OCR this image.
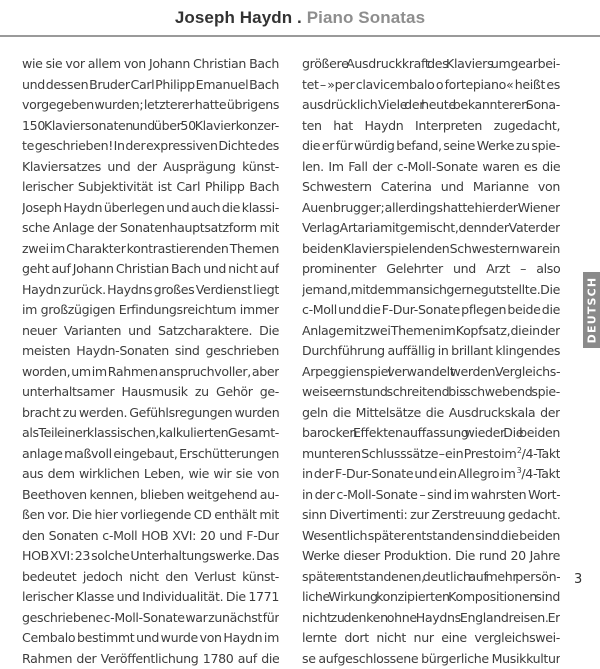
Joseph Haydn . Piano Sonatas
wie sie vor allem von Johann Christian Bach
und dessen Bruder Carl Philipp Emanuel Bach
vorgegeben wurden; letzterer hatte übrigens
150 Klaviersonaten und über 50 Klavierkonzer-
te geschrieben! In der expressiven Dichte des
Klaviersatzes und der Ausprägung künst-
lerischer Subjektivität ist Carl Philipp Bach
Joseph Haydn überlegen und auch die klassi-
sche Anlage der Sonatenhauptsatzform mit
zwei im Charakter kontrastierenden Themen
geht auf Johann Christian Bach und nicht auf
Haydn zurück. Haydns großes Verdienst liegt
im großzügigen Erfindungsreichtum immer
neuer Varianten und Satzcharaktere. Die
meisten Haydn-Sonaten sind geschrieben
worden, um im Rahmen anspruchvoller, aber
unterhaltsamer Hausmusik zu Gehör ge-
bracht zu werden. Gefühlsregungen wurden
als Teil einer klassischen, kalkulierten Gesamt-
anlage maßvoll eingebaut, Erschütterungen
aus dem wirklichen Leben, wie wir sie von
Beethoven kennen, blieben weitgehend au-
ßen vor. Die hier vorliegende CD enthält mit
den Sonaten c-Moll HOB XVI: 20 und F-Dur
HOB XVI: 23 solche Unterhaltungswerke. Das
bedeutet jedoch nicht den Verlust künst-
lerischer Klasse und Individualität. Die 1771
geschriebene c-Moll-Sonate war zunächst für
Cembalo bestimmt und wurde von Haydn im
Rahmen der Veröffentlichung 1780 auf die
größere Ausdruckkraft des Klaviers umgearbei-
tet – »per clavicembalo o fortepiano« heißt es
ausdrücklich. Viele der heute bekannteren Sona-
ten hat Haydn Interpreten zugedacht,
die er für würdig befand, seine Werke zu spie-
len. Im Fall der c-Moll-Sonate waren es die
Schwestern Caterina und Marianne von
Auenbrugger; allerdings hatte hier der Wiener
Verlag Artaria mitgemischt, denn der Vater der
beiden Klavier spielenden Schwestern war ein
prominenter Gelehrter und Arzt – also
jemand, mit dem man sich gerne gut stellte. Die
c-Moll und die F-Dur-Sonate pflegen beide die
Anlage mit zwei Themen im Kopfsatz, die in der
Durchführung auffällig in brillant klingendes
Arpeggienspiel verwandelt werden. Vergleichs-
weise ernst und schreitend bis schwebend spie-
geln die Mittelsätze die Ausdruckskala der
barocken Effektenauffassung wieder. Die beiden
munteren Schlusssätze – ein Presto im $^2$/4-Takt
in der F-Dur-Sonate und ein Allegro im $^3$/4-Takt
in der c-Moll-Sonate – sind im wahrsten Wort-
sinn Divertimenti: zur Zerstreuung gedacht.
Wesentlich später entstanden sind die beiden
Werke dieser Produktion. Die rund 20 Jahre
später entstandenen, deutlich auf mehr persön-
liche Wirkung konzipierten Kompositionen sind
nicht zu denken ohne Haydns Englandreisen. Er
lernte dort nicht nur eine vergleichswei-
se aufgeschlossene bürgerliche Musikkultur
DEUTSCH
3
